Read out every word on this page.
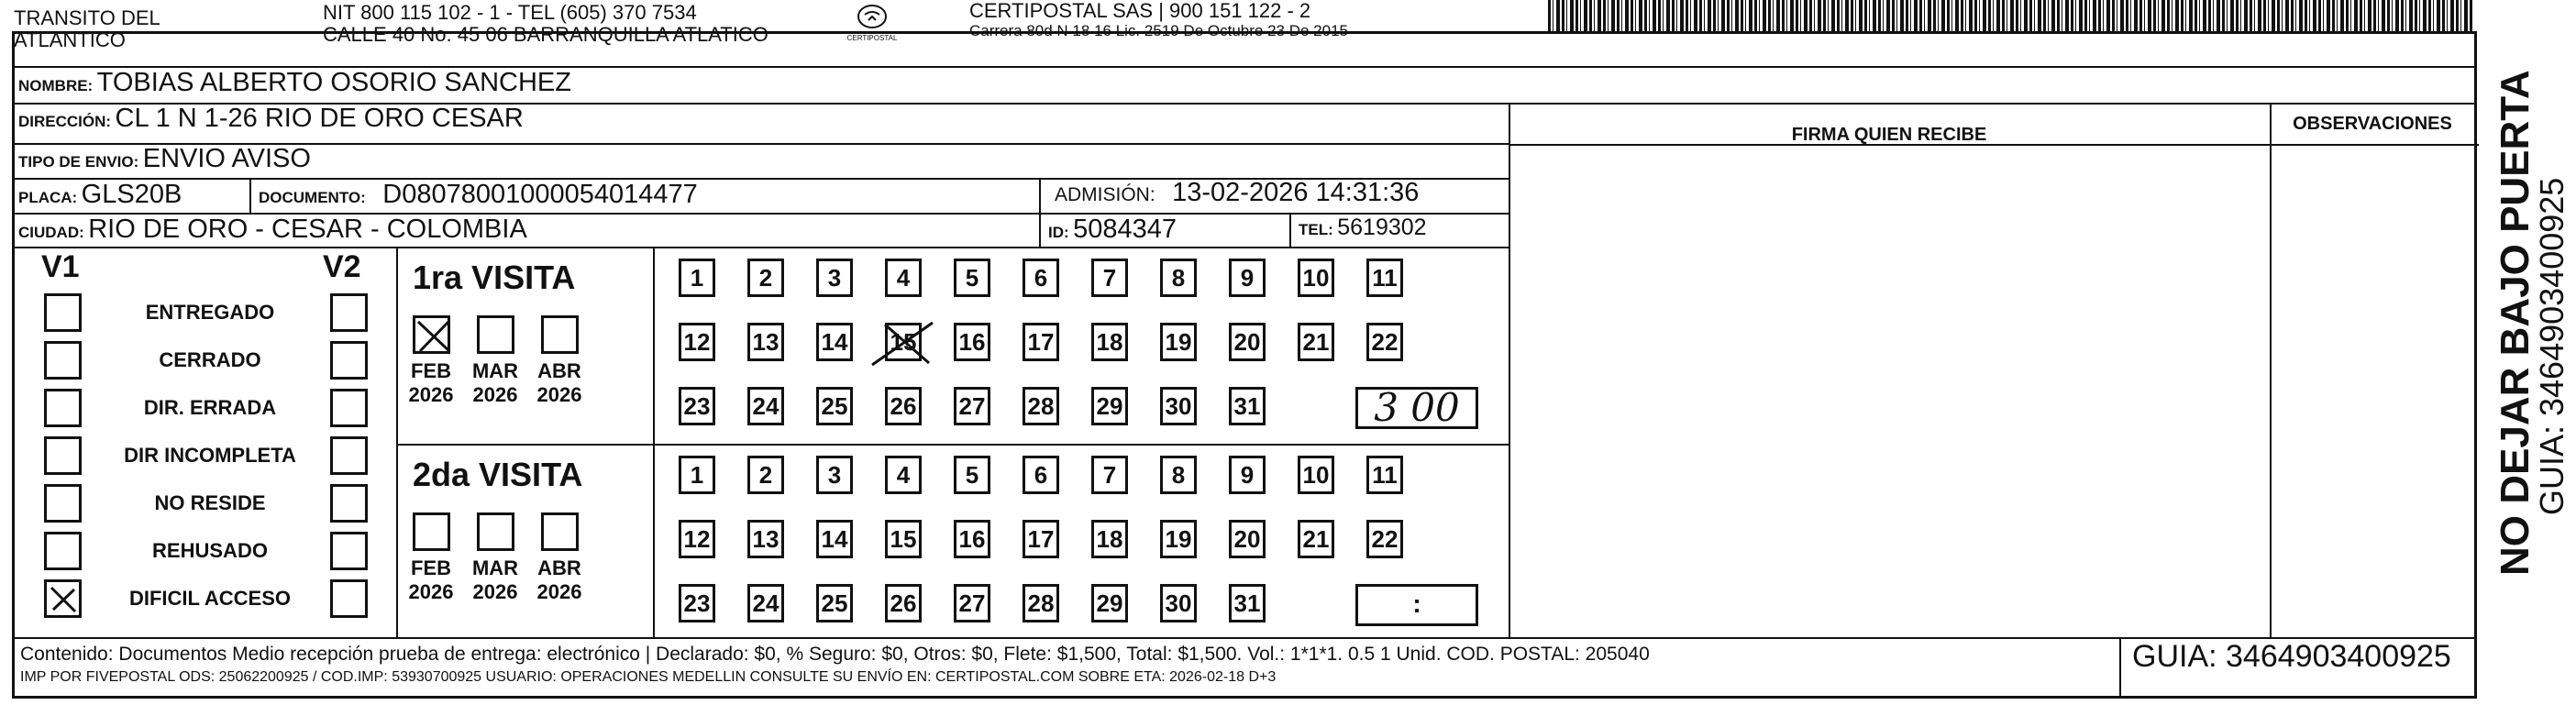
TRANSITO DEL
ATLANTICO
NIT 800 115 102 - 1 - TEL (605) 370 7534
CALLE 40 No. 45 06 BARRANQUILLA ATLATICO	CERTIPOSTAL
CERTIPOSTAL SAS | 900 151 122 - 2
Carrera 80d N 18 16 Lic. 2519 De Octubre 23 De 2015
NOMBRE: TOBIAS ALBERTO OSORIO SANCHEZ
DIRECCIÓN: CL 1 N 1-26 RIO DE ORO CESAR
TIPO DE ENVIO: ENVIO AVISO
PLACA: GLS20B	DOCUMENTO: D08078001000054014477	ADMISIÓN: 13-02-2026 14:31:36
CIUDAD: RIO DE ORO - CESAR - COLOMBIA	ID: 5084347	TEL: 5619302
FIRMA QUIEN RECIBE
OBSERVACIONES
V1	V2
ENTREGADO
CERRADO
DIR. ERRADA
DIR INCOMPLETA
NO RESIDE
REHUSADO
DIFICIL ACCESO
1ra VISITA
FEB
2026
MAR
2026
ABR
2026
1	2	3	4	5	6	7	8	9	10 11
12 13 14 15 16 17 18 19 20 21 22
23 24 25 26 27 28 29 30 31	3 00
2da VISITA
FEB
2026
MAR
2026
ABR
2026
1	2	3	4	5	6	7	8	9	10 11
12 13 14 15 16 17 18 19 20 21 22
23 24 25 26 27 28 29 30 31	:
Contenido: Documentos Medio recepción prueba de entrega: electrónico | Declarado: $0, % Seguro: $0, Otros: $0, Flete: $1,500, Total: $1,500. Vol.: 1*1*1. 0.5 1 Unid. COD. POSTAL: 205040
IMP POR FIVEPOSTAL ODS: 25062200925 / COD.IMP: 53930700925 USUARIO: OPERACIONES MEDELLIN CONSULTE SU ENVÍO EN: CERTIPOSTAL.COM SOBRE ETA: 2026-02-18 D+3
GUIA: 3464903400925
NO DEJAR BAJO PUERTA
GUIA: 3464903400925
